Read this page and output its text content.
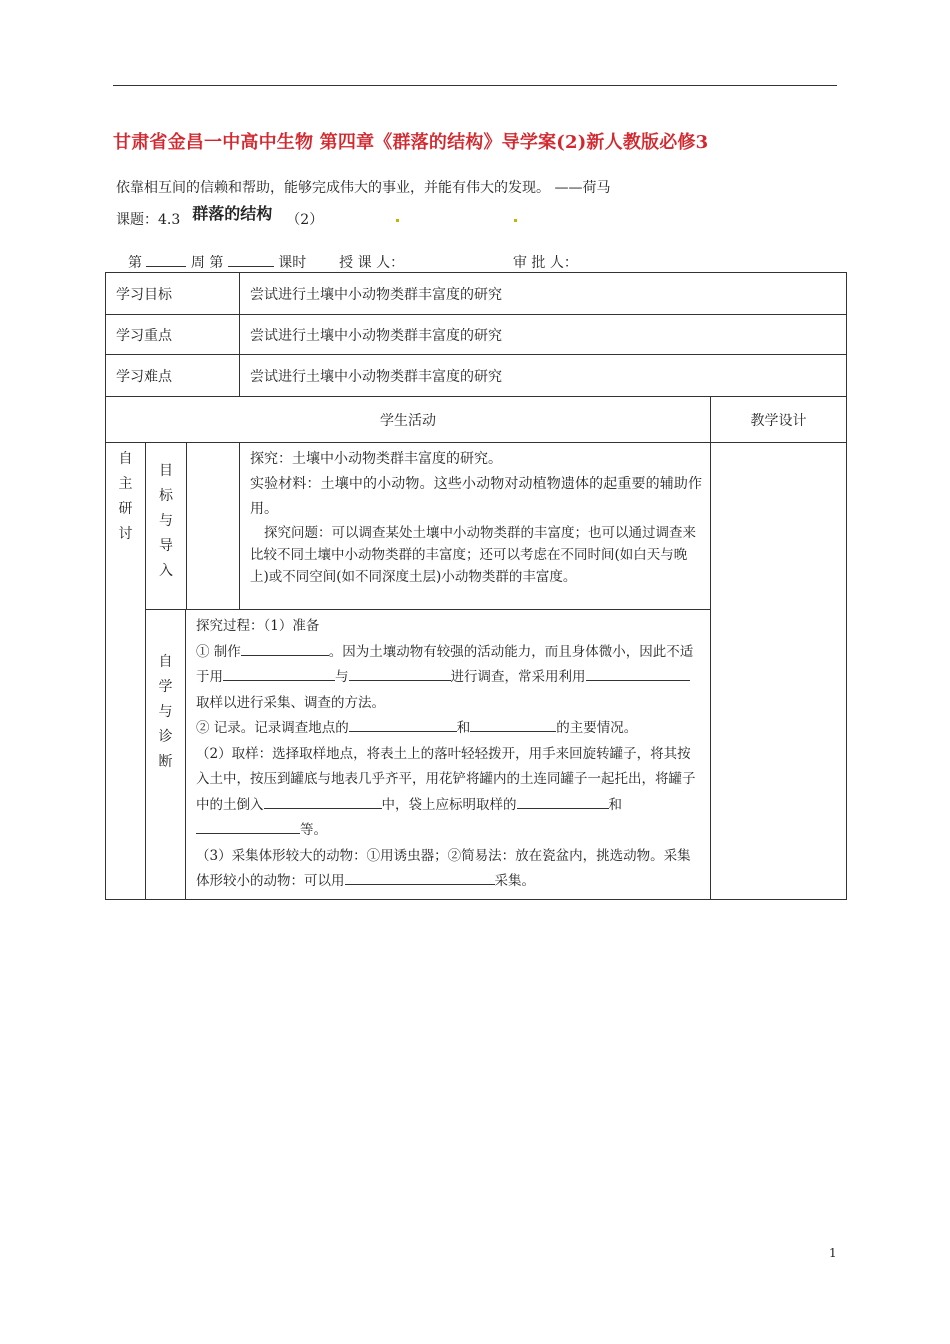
甘肃省金昌一中高中生物 第四章《群落的结构》导学案(2)新人教版必修3
依靠相互间的信赖和帮助，能够完成伟大的事业，并能有伟大的发现。 ——荷马
课题：4.3 群落的结构 （2）
第	周 第	课时 授 课 人：	审 批 人：
学习目标	尝试进行土壤中小动物类群丰富度的研究
学习重点	尝试进行土壤中小动物类群丰富度的研究
学习难点	尝试进行土壤中小动物类群丰富度的研究
学生活动	教学设计

自
主
研
讨

目
标
与
导
入

探究：土壤中小动物类群丰富度的研究。

实验材料：土壤中的小动物。这些小动物对动植物遗体的起重要的辅助作用。

探究问题：可以调查某处土壤中小动物类群的丰富度；也可以通过调查来比较不同土壤中小动物类群的丰富度；还可以考虑在不同时间(如白天与晚上)或不同空间(如不同深度土层)小动物类群的丰富度。

自
学
与
诊
断

探究过程：（1）准备

① 制作	。因为土壤动物有较强的活动能力，而且身体微小，因此不适于用	与	进行调查，常采用利用取样以进行采集、调查的方法。

② 记录。记录调查地点的	和	的主要情况。

（2）取样：选择取样地点，将表土上的落叶轻轻拨开，用手来回旋转罐子，将其按入土中，按压到罐底与地表几乎齐平，用花铲将罐内的土连同罐子一起托出，将罐子中的土倒入	中，袋上应标明取样的	和等。

（3）采集体形较大的动物：①用诱虫器；②简易法：放在瓷盆内，挑选动物。采集体形较小的动物：可以用	采集。

1
